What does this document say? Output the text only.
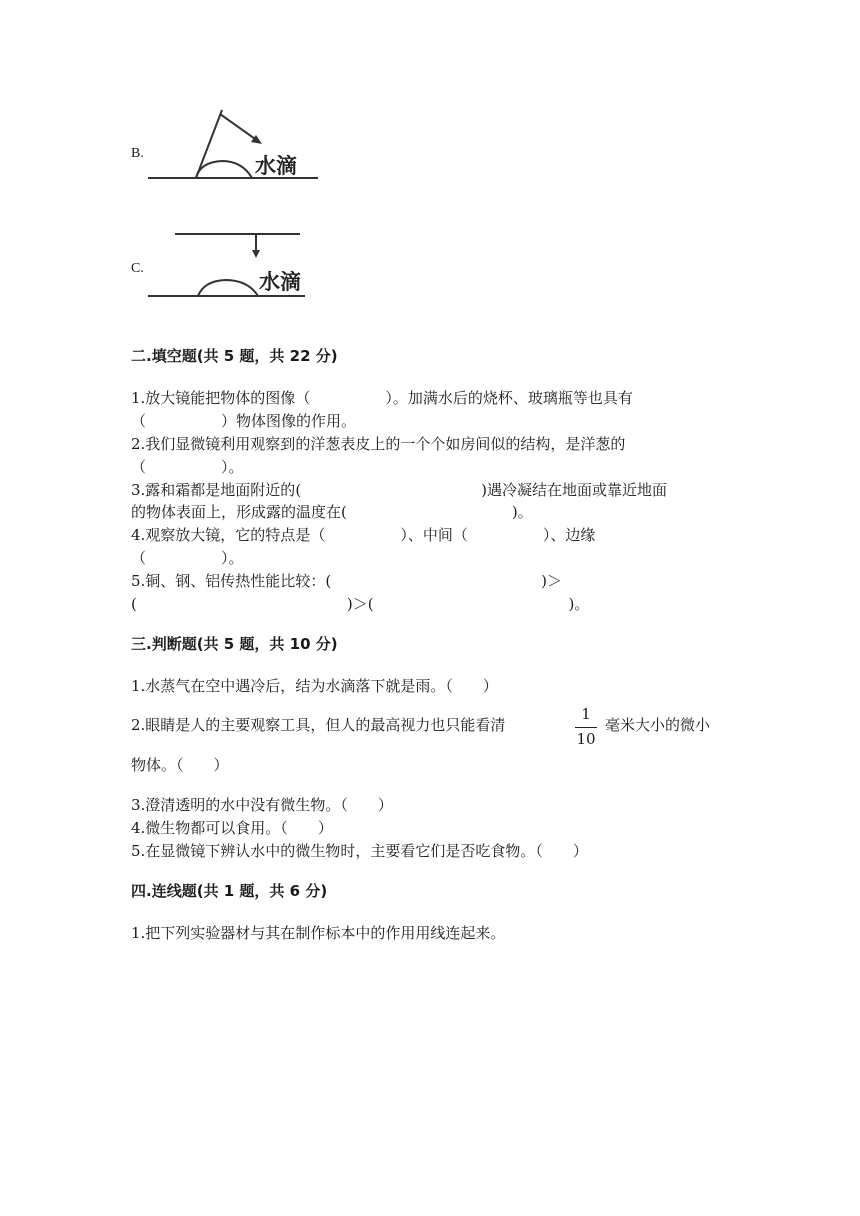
B.
水滴
C.
水滴
二.填空题(共 5 题，共 22 分)
1.放大镜能把物体的图像（　　　　　）。加满水后的烧杯、玻璃瓶等也具有
（　　　　　）物体图像的作用。
2.我们显微镜利用观察到的洋葱表皮上的一个个如房间似的结构，是洋葱的
（　　　　　）。
3.露和霜都是地面附近的(　　　　　　　　　　　　)遇冷凝结在地面或靠近地面
的物体表面上，形成露的温度在(　　　　　　　　　　　)。
4.观察放大镜，它的特点是（　　　　　）、中间（　　　　　）、边缘
（　　　　　）。
5.铜、钢、铝传热性能比较：(　　　　　　　　　　　　　　)＞
(　　　　　　　　　　　　　　)＞(　　　　　　　　　　　　　)。
三.判断题(共 5 题，共 10 分)
1.水蒸气在空中遇冷后，结为水滴落下就是雨。（　　）
2.眼睛是人的主要观察工具，但人的最高视力也只能看清
1
10
毫米大小的微小
物体。（　　）
3.澄清透明的水中没有微生物。（　　）
4.微生物都可以食用。（　　）
5.在显微镜下辨认水中的微生物时，主要看它们是否吃食物。（　　）
四.连线题(共 1 题，共 6 分)
1.把下列实验器材与其在制作标本中的作用用线连起来。
